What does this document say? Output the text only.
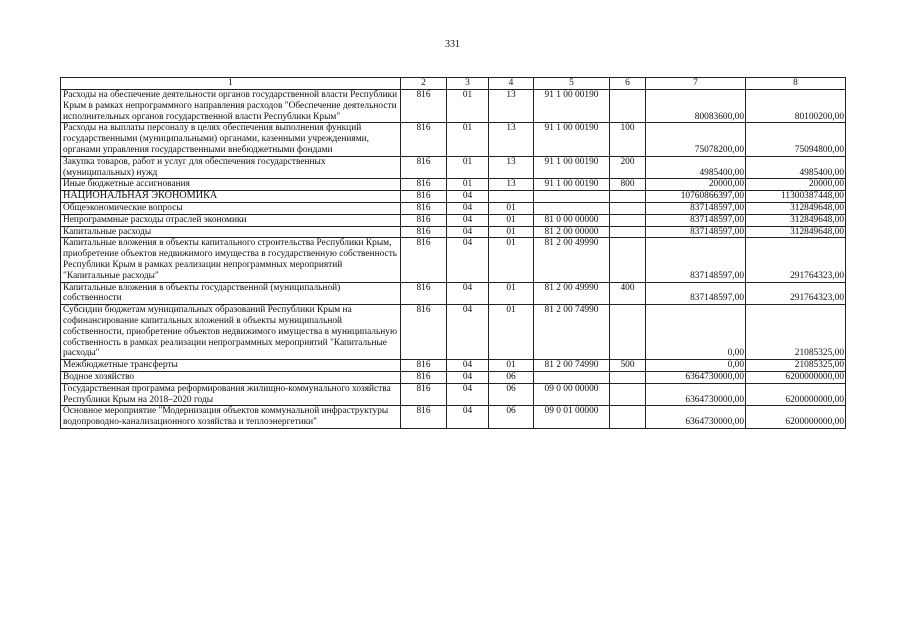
331
1	2	3	4	5	6	7	8
Расходы на обеспечение деятельности органов государственной власти Республики Крым в рамках непрограммного направления расходов "Обеспечение деятельности исполнительных органов государственной власти Республики Крым"	816	01	13	91 1 00 00190		80083600,00	80100200,00
Расходы на выплаты персоналу в целях обеспечения выполнения функций государственными (муниципальными) органами, казенными учреждениями, органами управления государственными внебюджетными фондами	816	01	13	91 1 00 00190	100	75078200,00	75094800,00
Закупка товаров, работ и услуг для обеспечения государственных (муниципальных) нужд	816	01	13	91 1 00 00190	200	4985400,00	4985400,00
Иные бюджетные ассигнования	816	01	13	91 1 00 00190	800	20000,00	20000,00
НАЦИОНАЛЬНАЯ ЭКОНОМИКА	816	04				10760866397,00	11300387448,00
Общеэкономические вопросы	816	04	01			837148597,00	312849648,00
Непрограммные расходы отраслей экономики	816	04	01	81 0 00 00000		837148597,00	312849648,00
Капитальные расходы	816	04	01	81 2 00 00000		837148597,00	312849648,00
Капитальные вложения в объекты капитального строительства Республики Крым, приобретение объектов недвижимого имущества в государственную собственность Республики Крым в рамках реализации непрограммных мероприятий "Капитальные расходы"	816	04	01	81 2 00 49990		837148597,00	291764323,00
Капитальные вложения в объекты государственной (муниципальной) собственности	816	04	01	81 2 00 49990	400	837148597,00	291764323,00
Субсидии бюджетам муниципальных образований Республики Крым на софинансирование капитальных вложений в объекты муниципальной собственности, приобретение объектов недвижимого имущества в муниципальную собственность в рамках реализации непрограммных мероприятий "Капитальные расходы"	816	04	01	81 2 00 74990		0,00	21085325,00
Межбюджетные трансферты	816	04	01	81 2 00 74990	500	0,00	21085325,00
Водное хозяйство	816	04	06			6364730000,00	6200000000,00
Государственная программа реформирования жилищно-коммунального хозяйства Республики Крым на 2018–2020 годы	816	04	06	09 0 00 00000		6364730000,00	6200000000,00
Основное мероприятие "Модернизация объектов коммунальной инфраструктуры водопроводно-канализационного хозяйства и теплоэнергетики"	816	04	06	09 0 01 00000		6364730000,00	6200000000,00
